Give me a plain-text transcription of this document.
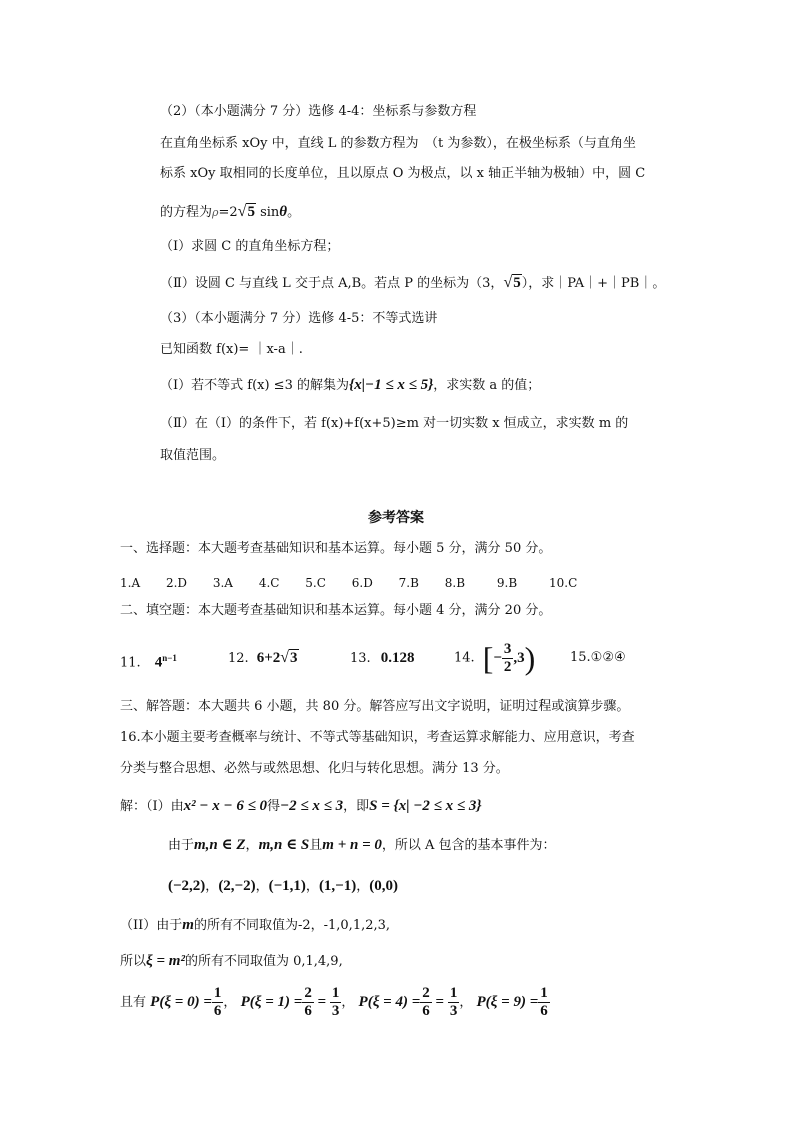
（2）（本小题满分 7 分）选修 4-4：坐标系与参数方程
在直角坐标系 xOy 中，直线 L 的参数方程为　（t 为参数），在极坐标系（与直角坐
标系 xOy 取相同的长度单位，且以原点 O 为极点，以 x 轴正半轴为极轴）中，圆 C
的方程为ρ=2√5 sinθ。
（Ⅰ）求圆 C 的直角坐标方程；
（Ⅱ）设圆 C 与直线 L 交于点 A,B。若点 P 的坐标为（3，√5），求｜PA｜+｜PB｜。
（3）（本小题满分 7 分）选修 4-5：不等式选讲
已知函数 f(x)= ｜x-a｜.
（Ⅰ）若不等式 f(x) ≤3 的解集为{x|−1 ≤ x ≤ 5}，求实数 a 的值；
（Ⅱ）在（Ⅰ）的条件下，若 f(x)+f(x+5)≥m 对一切实数 x 恒成立，求实数 m 的
取值范围。
参考答案
一、选择题：本大题考查基础知识和基本运算。每小题 5 分，满分 50 分。
1.A 2.D 3.A 4.C 5.C 6.D 7.B 8.B	9.B	10.C
二、填空题：本大题考查基础知识和基本运算。每小题 4 分，满分 20 分。
11. $4^{n-1}$	12. 6+2√3	13. 0.128	14. [− $\frac{3}{2} ,3$)	15.①②④
三、解答题：本大题共 6 小题，共 80 分。解答应写出文字说明，证明过程或演算步骤。
16.本小题主要考查概率与统计、不等式等基础知识，考查运算求解能力、应用意识，考查
分类与整合思想、必然与或然思想、化归与转化思想。满分 13 分。
解：（I）由x² − x − 6 ≤ 0得−2 ≤ x ≤ 3，即S = {x| −2 ≤ x ≤ 3}
由于m,n ∈ Z，m,n ∈ S且m + n = 0，所以 A 包含的基本事件为：
(−2,2)，(2,−2)，(−1,1)，(1,−1)，(0,0)
（II）由于m的所有不同取值为-2，-1,0,1,2,3,
所以ξ = m²的所有不同取值为 0,1,4,9,
且有 $P(\xi = 0) = \frac{1}{6}$ ， $P(\xi = 1) = \frac{2}{6} = \frac{1}{3}$ ， $P(\xi = 4) = \frac{2}{6} = \frac{1}{3}$ ， $P(\xi = 9) = \frac{1}{6}$
